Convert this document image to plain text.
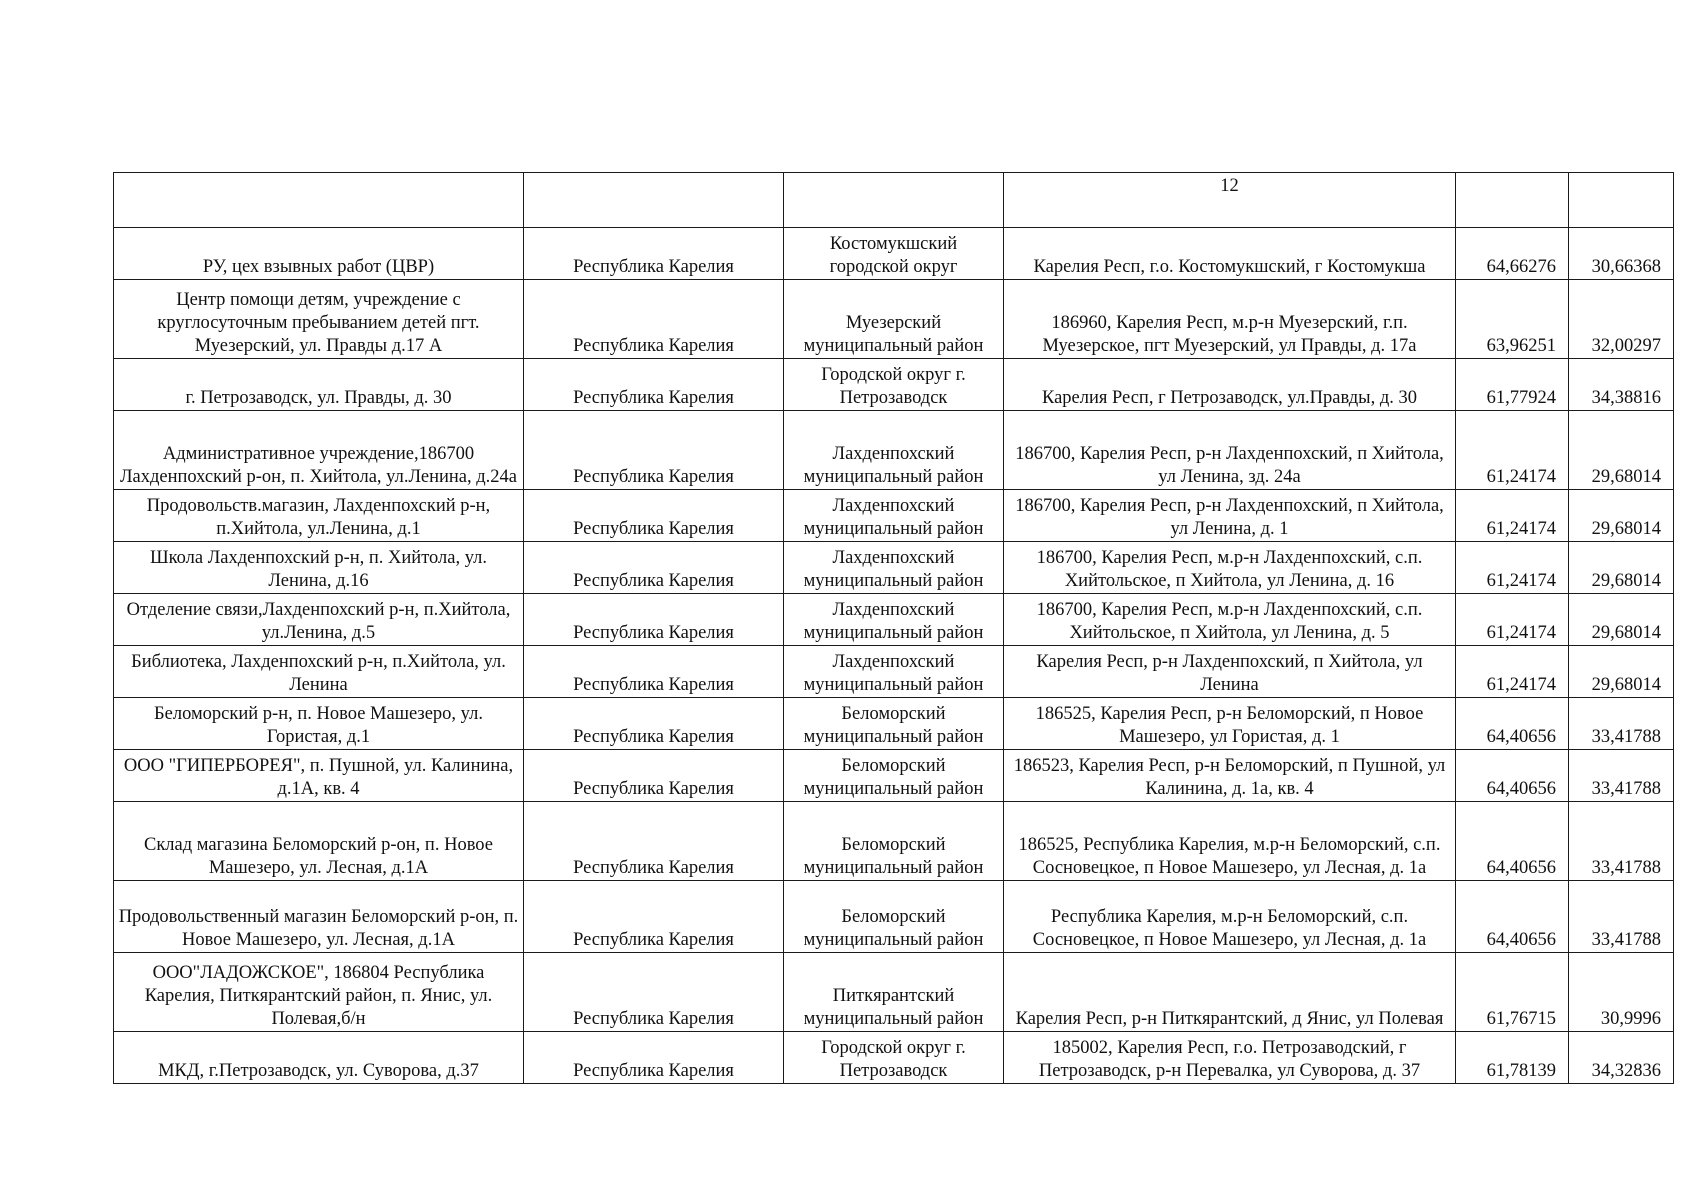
			12		
РУ, цех взывных работ (ЦВР)	Республика Карелия	Костомукшский городской округ	Карелия Респ, г.о. Костомукшский, г Костомукша	64,66276	30,66368
Центр помощи детям, учреждение с круглосуточным пребыванием детей пгт. Муезерский, ул. Правды д.17 А	Республика Карелия	Муезерский муниципальный район	186960, Карелия Респ, м.р-н Муезерский, г.п. Муезерское, пгт Муезерский, ул Правды, д. 17а	63,96251	32,00297
г. Петрозаводск, ул. Правды, д. 30	Республика Карелия	Городской округ г. Петрозаводск	Карелия Респ, г Петрозаводск, ул.Правды, д. 30	61,77924	34,38816
Административное учреждение,186700 Лахденпохский р-он, п. Хийтола, ул.Ленина, д.24а	Республика Карелия	Лахденпохский муниципальный район	186700, Карелия Респ, р-н Лахденпохский, п Хийтола, ул Ленина, зд. 24а	61,24174	29,68014
Продовольств.магазин, Лахденпохский р-н, п.Хийтола, ул.Ленина, д.1	Республика Карелия	Лахденпохский муниципальный район	186700, Карелия Респ, р-н Лахденпохский, п Хийтола, ул Ленина, д. 1	61,24174	29,68014
Школа Лахденпохский р-н, п. Хийтола, ул. Ленина, д.16	Республика Карелия	Лахденпохский муниципальный район	186700, Карелия Респ, м.р-н Лахденпохский, с.п. Хийтольское, п Хийтола, ул Ленина, д. 16	61,24174	29,68014
Отделение связи,Лахденпохский р-н, п.Хийтола, ул.Ленина, д.5	Республика Карелия	Лахденпохский муниципальный район	186700, Карелия Респ, м.р-н Лахденпохский, с.п. Хийтольское, п Хийтола, ул Ленина, д. 5	61,24174	29,68014
Библиотека, Лахденпохский р-н, п.Хийтола, ул. Ленина	Республика Карелия	Лахденпохский муниципальный район	Карелия Респ, р-н Лахденпохский, п Хийтола, ул Ленина	61,24174	29,68014
Беломорский р-н, п. Новое Машезеро, ул. Гористая, д.1	Республика Карелия	Беломорский муниципальный район	186525, Карелия Респ, р-н Беломорский, п Новое Машезеро, ул Гористая, д. 1	64,40656	33,41788
ООО "ГИПЕРБОРЕЯ", п. Пушной, ул. Калинина, д.1А, кв. 4	Республика Карелия	Беломорский муниципальный район	186523, Карелия Респ, р-н Беломорский, п Пушной, ул Калинина, д. 1а, кв. 4	64,40656	33,41788
Склад магазина Беломорский р-он, п. Новое Машезеро, ул. Лесная, д.1А	Республика Карелия	Беломорский муниципальный район	186525, Республика Карелия, м.р-н Беломорский, с.п. Сосновецкое, п Новое Машезеро, ул Лесная, д. 1а	64,40656	33,41788
Продовольственный магазин Беломорский р-он, п. Новое Машезеро, ул. Лесная, д.1А	Республика Карелия	Беломорский муниципальный район	Республика Карелия, м.р-н Беломорский, с.п. Сосновецкое, п Новое Машезеро, ул Лесная, д. 1а	64,40656	33,41788
ООО"ЛАДОЖСКОЕ", 186804 Республика Карелия, Питкярантский район, п. Янис, ул. Полевая,б/н	Республика Карелия	Питкярантский муниципальный район	Карелия Респ, р-н Питкярантский, д Янис, ул Полевая	61,76715	30,9996
МКД, г.Петрозаводск, ул. Суворова, д.37	Республика Карелия	Городской округ г. Петрозаводск	185002, Карелия Респ, г.о. Петрозаводский, г Петрозаводск, р-н Перевалка, ул Суворова, д. 37	61,78139	34,32836
